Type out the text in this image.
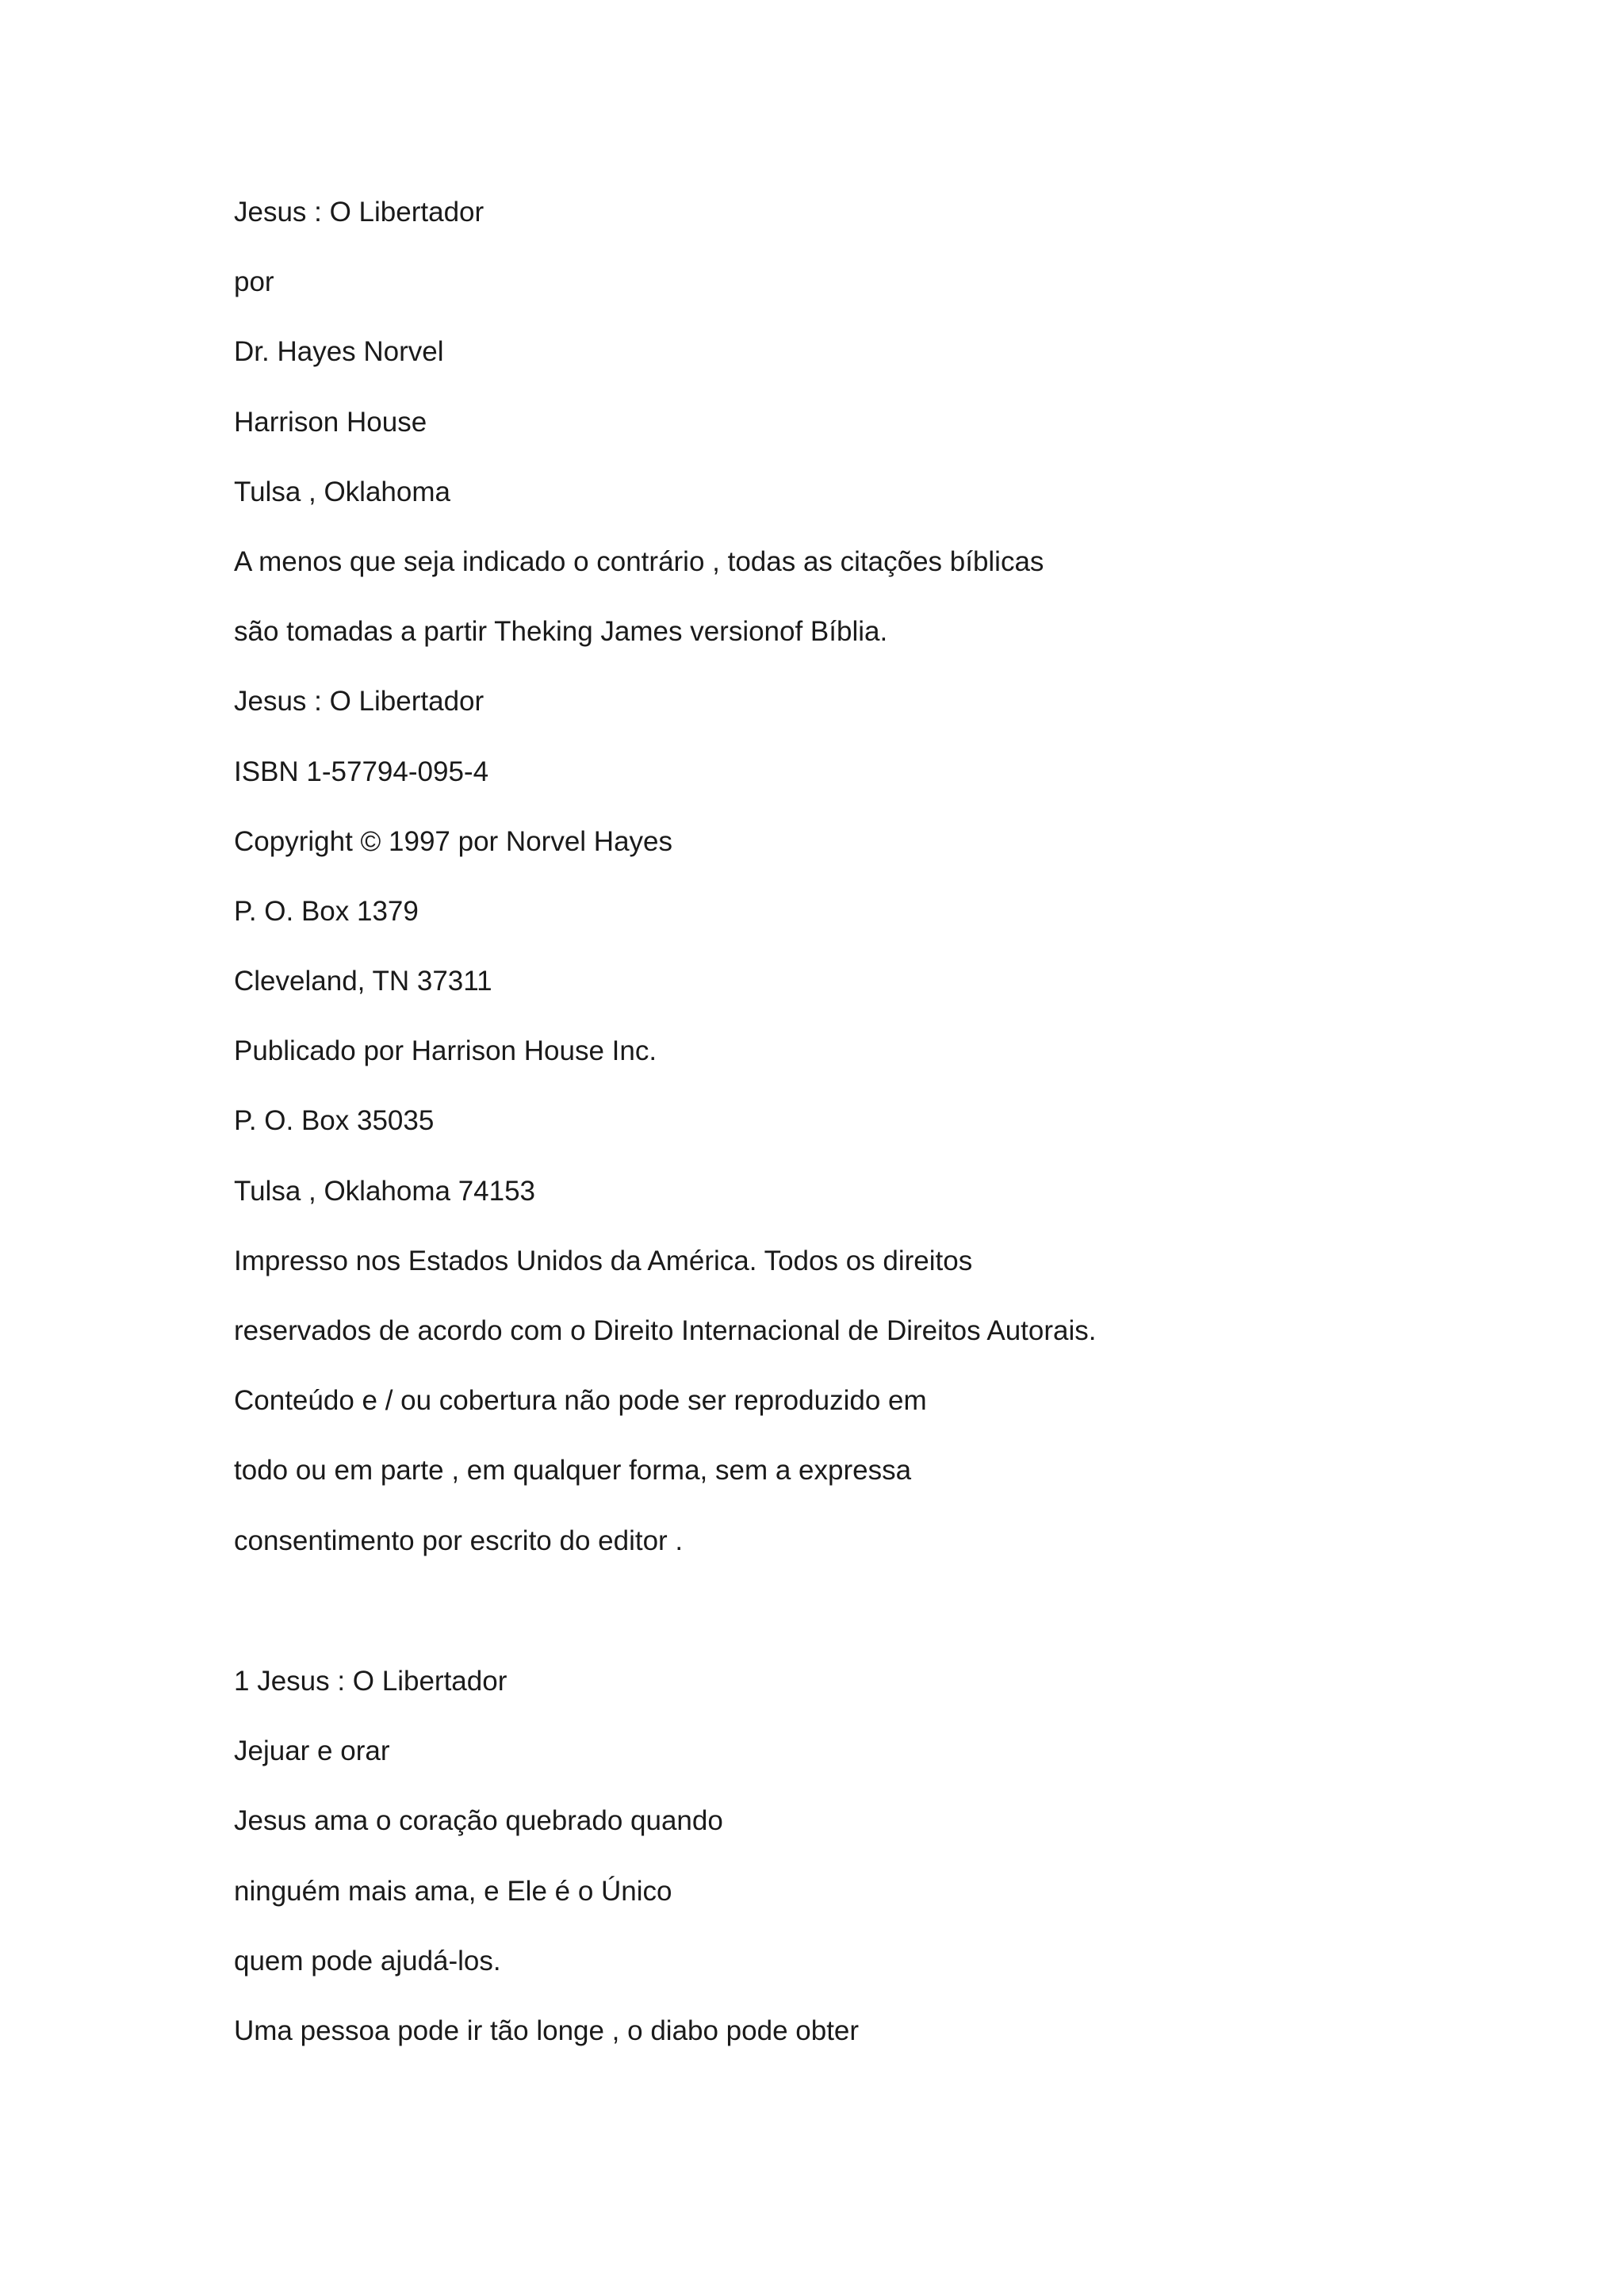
Jesus : O Libertador
por
Dr. Hayes Norvel
Harrison House
Tulsa , Oklahoma
A menos que seja indicado o contrário , todas as citações bíblicas
são tomadas a partir Theking James versionof Bíblia.
Jesus : O Libertador
ISBN 1-57794-095-4
Copyright © 1997 por Norvel Hayes
P. O. Box 1379
Cleveland, TN 37311
Publicado por Harrison House Inc.
P. O. Box 35035
Tulsa , Oklahoma 74153
Impresso nos Estados Unidos da América. Todos os direitos
reservados de acordo com o Direito Internacional de Direitos Autorais.
Conteúdo e / ou cobertura não pode ser reproduzido em
todo ou em parte , em qualquer forma, sem a expressa
consentimento por escrito do editor .
1 Jesus : O Libertador
Jejuar e orar
Jesus ama o coração quebrado quando
ninguém mais ama, e Ele é o Único
quem pode ajudá-los.
Uma pessoa pode ir tão longe , o diabo pode obter
